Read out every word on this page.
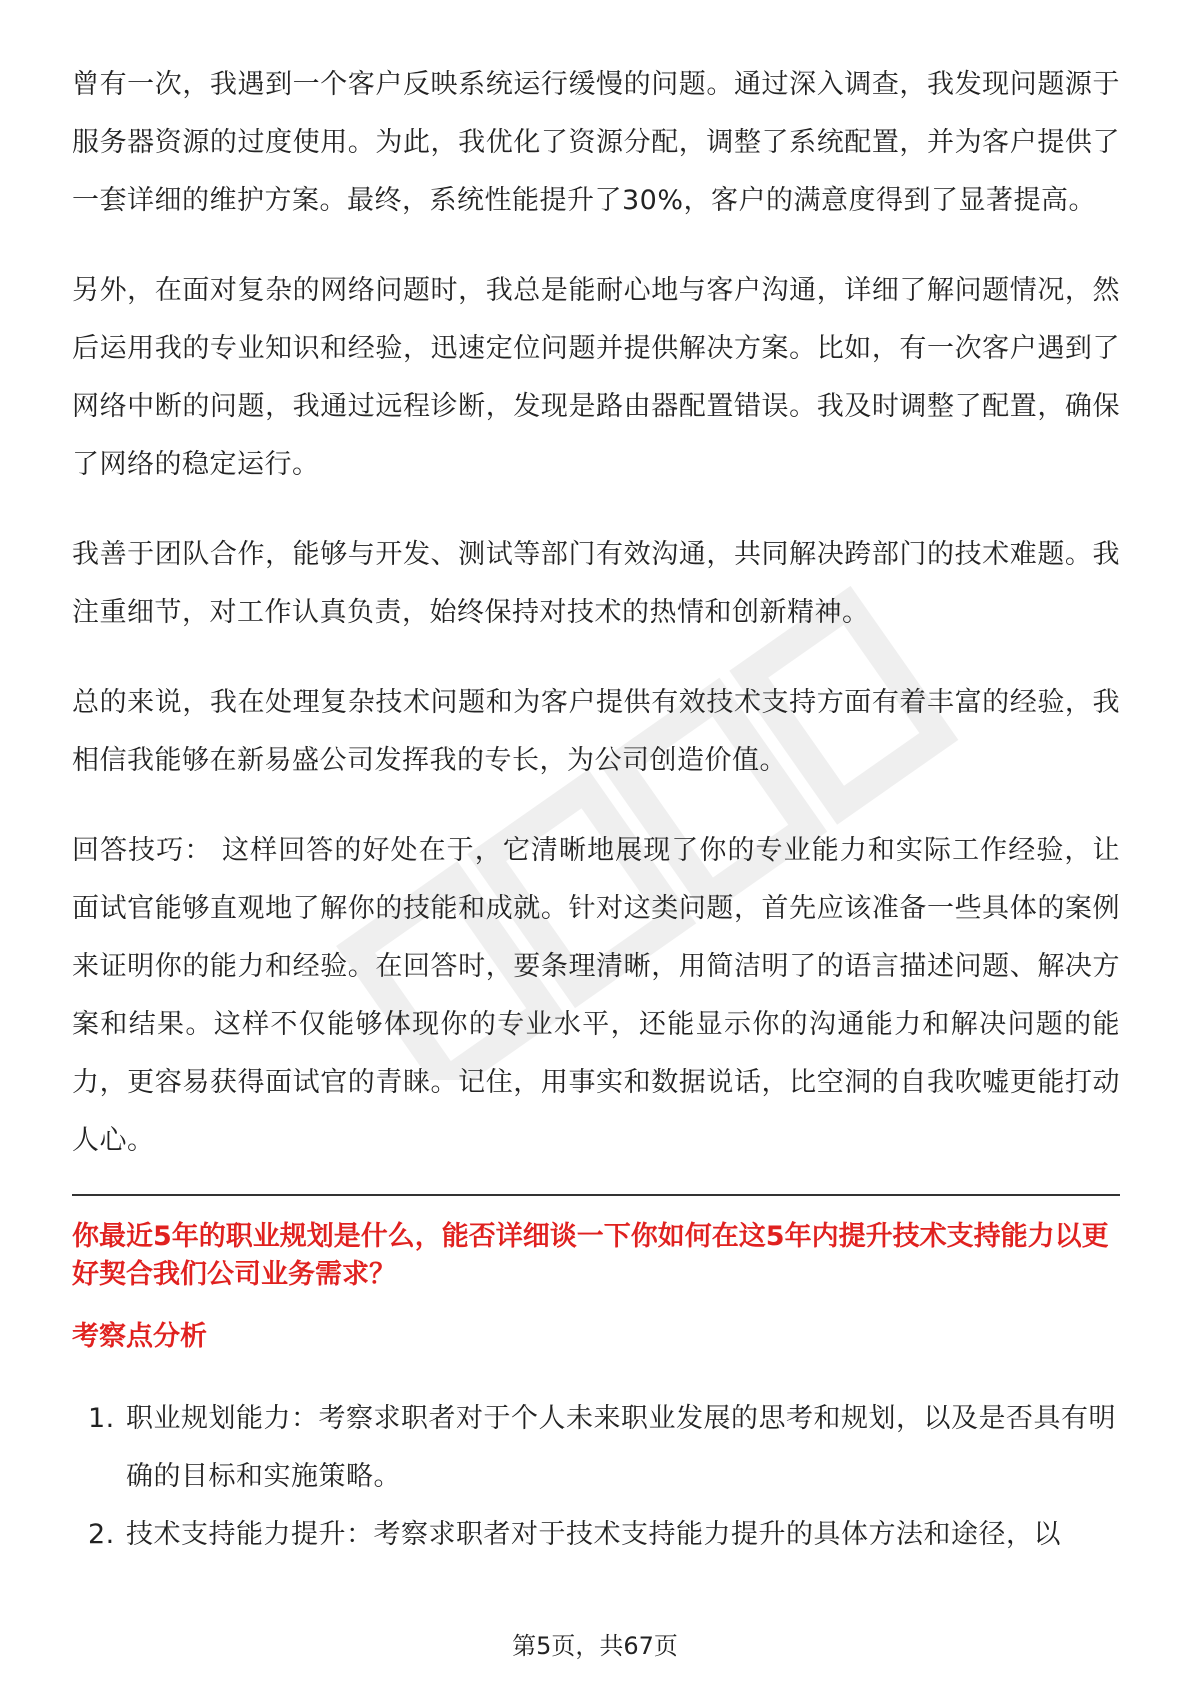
曾有一次，我遇到一个客户反映系统运行缓慢的问题。通过深入调查，我发现问题源于服务器资源的过度使用。为此，我优化了资源分配，调整了系统配置，并为客户提供了一套详细的维护方案。最终，系统性能提升了30%，客户的满意度得到了显著提高。

另外，在面对复杂的网络问题时，我总是能耐心地与客户沟通，详细了解问题情况，然后运用我的专业知识和经验，迅速定位问题并提供解决方案。比如，有一次客户遇到了网络中断的问题，我通过远程诊断，发现是路由器配置错误。我及时调整了配置，确保了网络的稳定运行。

我善于团队合作，能够与开发、测试等部门有效沟通，共同解决跨部门的技术难题。我注重细节，对工作认真负责，始终保持对技术的热情和创新精神。

总的来说，我在处理复杂技术问题和为客户提供有效技术支持方面有着丰富的经验，我相信我能够在新易盛公司发挥我的专长，为公司创造价值。

回答技巧： 这样回答的好处在于，它清晰地展现了你的专业能力和实际工作经验，让面试官能够直观地了解你的技能和成就。针对这类问题，首先应该准备一些具体的案例来证明你的能力和经验。在回答时，要条理清晰，用简洁明了的语言描述问题、解决方案和结果。这样不仅能够体现你的专业水平，还能显示你的沟通能力和解决问题的能力，更容易获得面试官的青睐。记住，用事实和数据说话，比空洞的自我吹嘘更能打动人心。

你最近5年的职业规划是什么，能否详细谈一下你如何在这5年内提升技术支持能力以更好契合我们公司业务需求？
考察点分析
1. 职业规划能力：考察求职者对于个人未来职业发展的思考和规划，以及是否具有明确的目标和实施策略。
2. 技术支持能力提升：考察求职者对于技术支持能力提升的具体方法和途径，以
第5页，共67页
